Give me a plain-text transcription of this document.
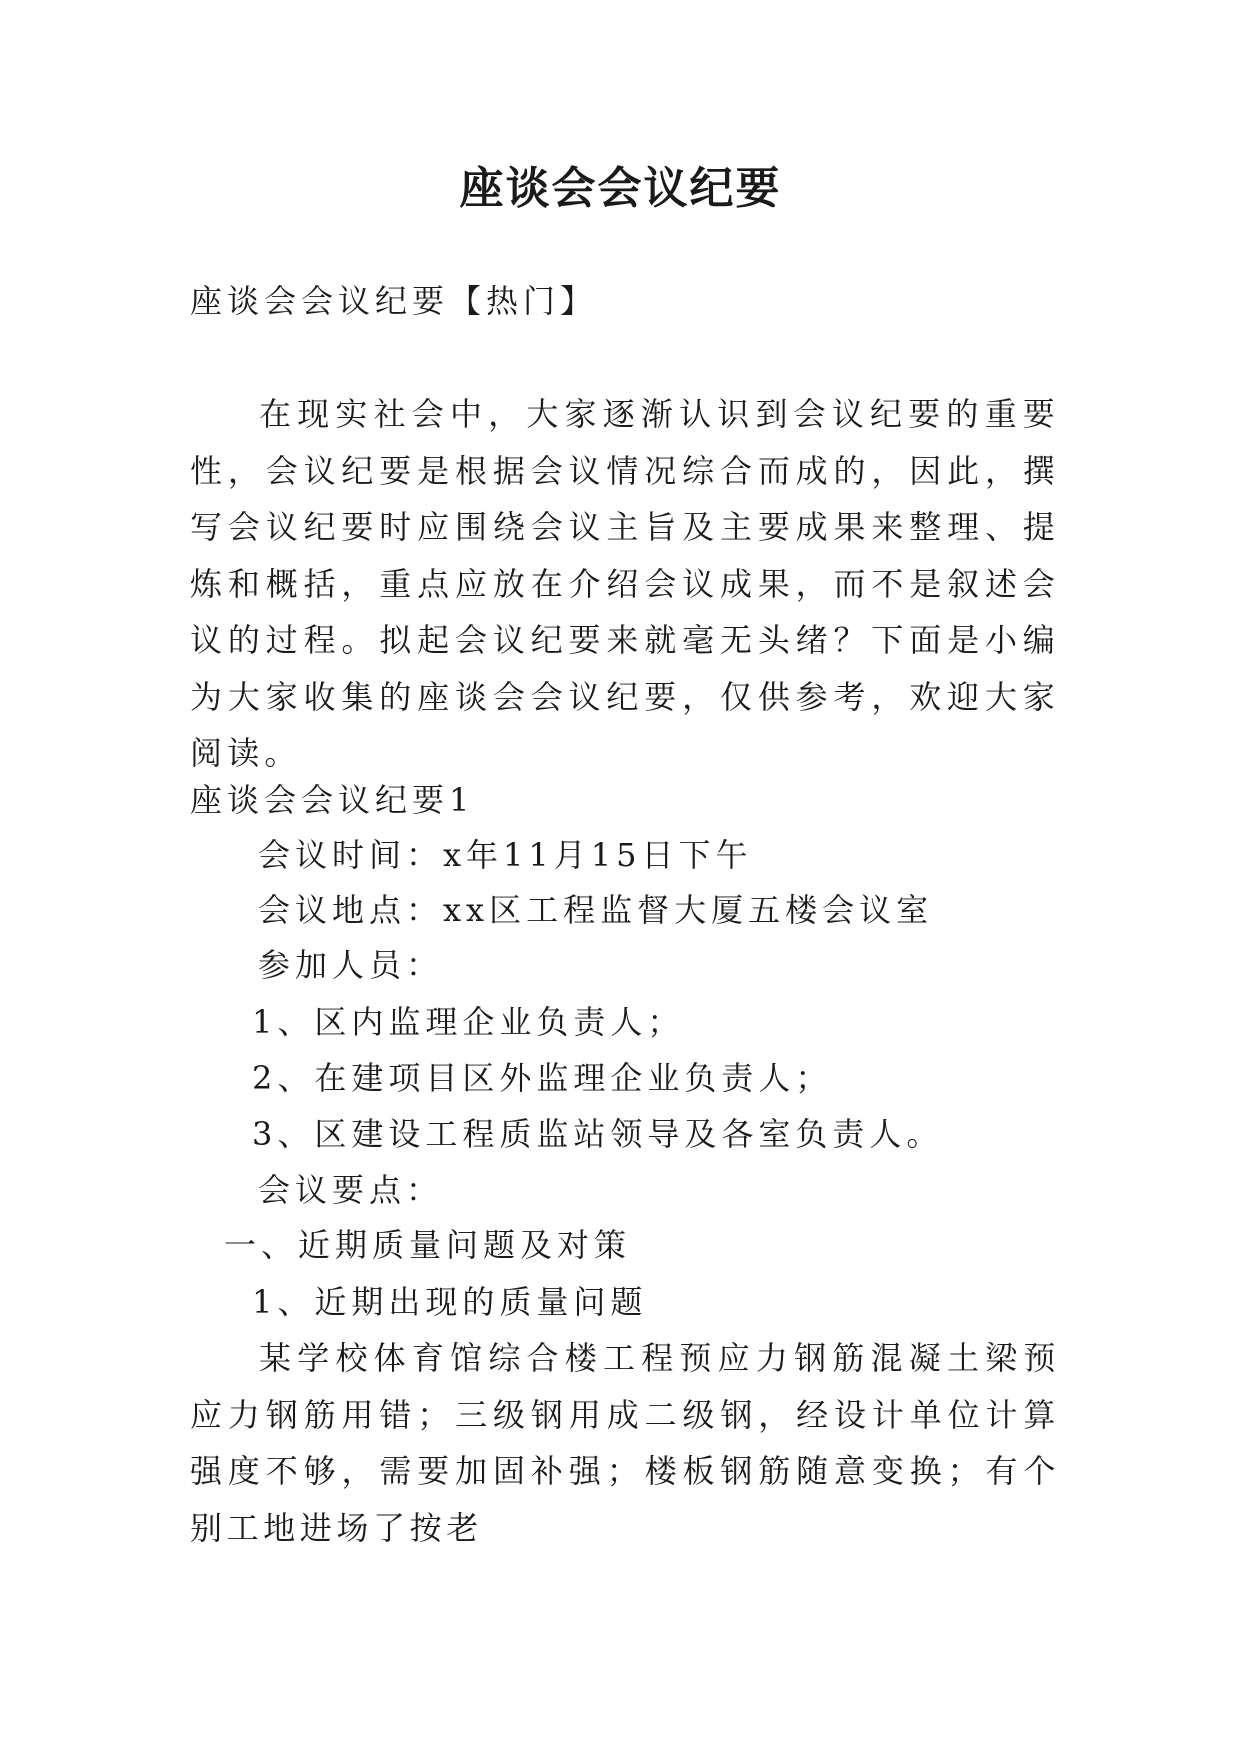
座谈会会议纪要
座谈会会议纪要【热门】
在现实社会中，大家逐渐认识到会议纪要的重要性，会议纪要是根据会议情况综合而成的，因此，撰写会议纪要时应围绕会议主旨及主要成果来整理、提炼和概括，重点应放在介绍会议成果，而不是叙述会议的过程。拟起会议纪要来就毫无头绪？下面是小编为大家收集的座谈会会议纪要，仅供参考，欢迎大家阅读。
座谈会会议纪要1
会议时间：x年11月15日下午
会议地点：xx区工程监督大厦五楼会议室
参加人员：
1、区内监理企业负责人；
2、在建项目区外监理企业负责人；
3、区建设工程质监站领导及各室负责人。
会议要点：
一、近期质量问题及对策
1、近期出现的质量问题
某学校体育馆综合楼工程预应力钢筋混凝土梁预应力钢筋用错；三级钢用成二级钢，经设计单位计算强度不够，需要加固补强；楼板钢筋随意变换；有个别工地进场了按老
